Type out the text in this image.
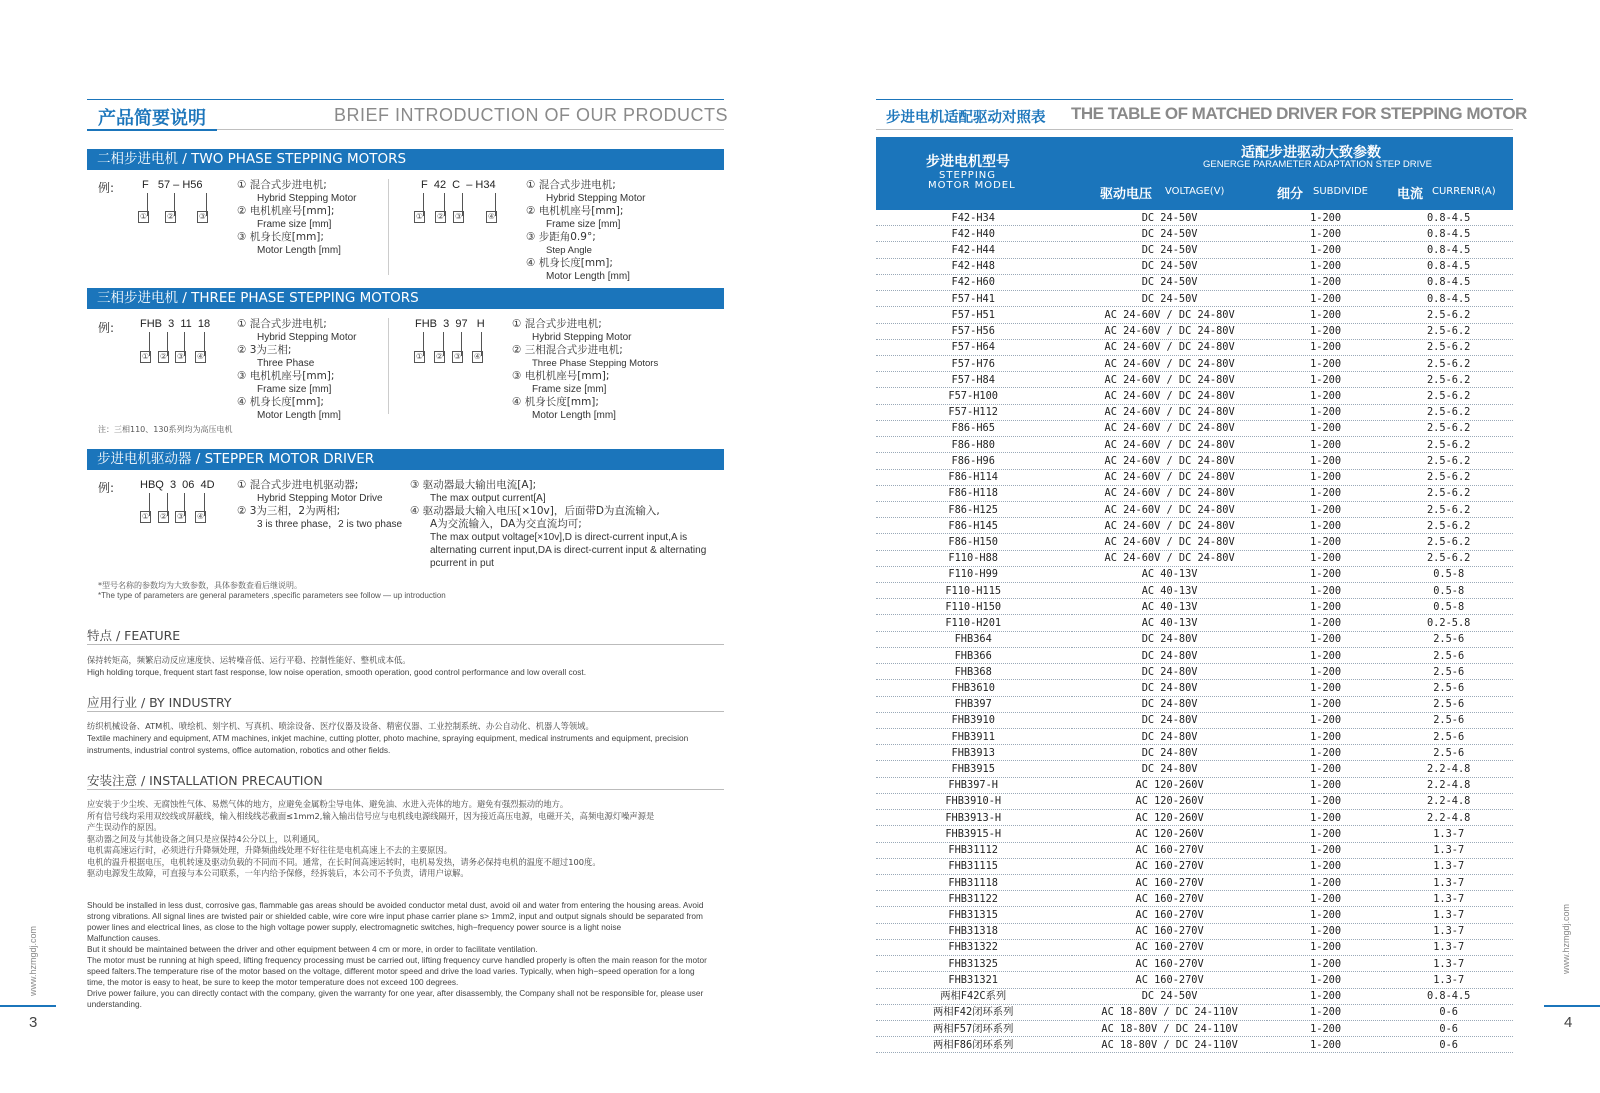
产品简要说明	BRIEF INTRODUCTION OF OUR PRODUCTS
二相步进电机 / TWO PHASE STEPPING MOTORS
例:	F   57 – H56
① ②	③
① 混合式步进电机;
Hybrid Stepping Motor
② 电机机座号[mm];
Frame size [mm]
③ 机身长度[mm];
Motor Length [mm]
F  42  C  – H34
① ② ③	④
① 混合式步进电机;
Hybrid Stepping Motor
② 电机机座号[mm];
Frame size [mm]
③ 步距角0.9°;
Step Angle
④ 机身长度[mm];
Motor Length [mm]
三相步进电机 / THREE PHASE STEPPING MOTORS
例: FHB  3  11  18
① ② ③ ④
① 混合式步进电机;
Hybrid Stepping Motor
② 3为三相;
Three Phase
③ 电机机座号[mm];
Frame size [mm]
④ 机身长度[mm];
Motor Length [mm]
FHB  3  97   H
① ② ③ ④
① 混合式步进电机;
Hybrid Stepping Motor
② 三相混合式步进电机;
Three Phase Stepping Motors
③ 电机机座号[mm];
Frame size [mm]
④ 机身长度[mm];
Motor Length [mm]
注：三相110、130系列均为高压电机
步进电机驱动器 / STEPPER MOTOR DRIVER
例: HBQ  3  06  4D
① ② ③ ④
① 混合式步进电机驱动器;
Hybrid Stepping Motor Drive
② 3为三相，2为两相;
3 is three phase，2 is two phase
③ 驱动器最大输出电流[A];
The max output current[A]
④ 驱动器最大输入电压[×10v]，后面带D为直流输入,
A为交流输入，DA为交直流均可;
The max output voltage[×10v],D is direct-current input,A is
alternating current input,DA is direct-current input & alternating
pcurrent in put
*型号名称的参数均为大致参数，具体参数查看后继说明。
*The type of parameters are general parameters ,specific parameters see follow — up introduction
特点 / FEATURE
保持转矩高，频繁启动反应速度快、运转噪音低、运行平稳、控制性能好、整机成本低。
High holding torque, frequent start fast response, low noise operation, smooth operation, good control performance and low overall cost.
应用行业 / BY INDUSTRY
纺织机械设备、ATM机、喷绘机、刻字机、写真机、喷涂设备、医疗仪器及设备、精密仪器、工业控制系统、办公自动化、机器人等领域。
Textile machinery and equipment, ATM machines, inkjet machine, cutting plotter, photo machine, spraying equipment, medical instruments and equipment, precision instruments, industrial control systems, office automation, robotics and other fields.
安装注意 / INSTALLATION PRECAUTION
应安装于少尘埃、无腐蚀性气体、易燃气体的地方，应避免金属粉尘导电体、避免油、水进入壳体的地方。避免有强烈振动的地方。
所有信号线均采用双绞线或屏蔽线，输入相线线芯截面≤1mm2,输入输出信号应与电机线电源线隔开，因为接近高压电源，电磁开关，高频电源灯噪声源是
产生误动作的原因。
驱动器之间及与其他设备之间只是应保持4公分以上，以利通风。
电机需高速运行时，必须进行升降频处理，升降频曲线处理不好往往是电机高速上不去的主要原因。
电机的温升根据电压，电机转速及驱动负载的不同而不同。通常，在长时间高速运转时，电机易发热，请务必保持电机的温度不超过100度。
驱动电源发生故障，可直接与本公司联系，一年内给予保修，经拆装后，本公司不予负责，请用户谅解。
Should be installed in less dust, corrosive gas, flammable gas areas should be avoided conductor metal dust, avoid oil and water from entering the housing areas. Avoid
strong vibrations. All signal lines are twisted pair or shielded cable, wire core wire input phase carrier plane s> 1mm2, input and output signals should be separated from
power lines and electrical lines, as close to the high voltage power supply, electromagnetic switches, high−frequency power source is a light noise
Malfunction causes.
But it should be maintained between the driver and other equipment between 4 cm or more, in order to facilitate ventilation.
The motor must be running at high speed, lifting frequency processing must be carried out, lifting frequency curve handled properly is often the main reason for the motor
speed falters.The temperature rise of the motor based on the voltage, different motor speed and drive the load varies. Typically, when high−speed operation for a long
time, the motor is easy to heat, be sure to keep the motor temperature does not exceed 100 degrees.
Drive power failure, you can directly contact with the company, given the warranty for one year, after disassembly, the Company shall not be responsible for, please user
understanding.
www.hzmgdj.com
3
步进电机适配驱动对照表 THE TABLE OF MATCHED DRIVER FOR STEPPING MOTOR
步进电机型号
STEPPING
MOTOR MODEL
适配步进驱动大致参数
GENERGE PARAMETER ADAPTATION STEP DRIVE
驱动电压 VOLTAGE(V)	细分 SUBDIVIDE 电流 CURRENR(A)
F42-H34	DC 24-50V	1-200	0.8-4.5
F42-H40	DC 24-50V	1-200	0.8-4.5
F42-H44	DC 24-50V	1-200	0.8-4.5
F42-H48	DC 24-50V	1-200	0.8-4.5
F42-H60	DC 24-50V	1-200	0.8-4.5
F57-H41	DC 24-50V	1-200	0.8-4.5
F57-H51	AC 24-60V / DC 24-80V	1-200	2.5-6.2
F57-H56	AC 24-60V / DC 24-80V	1-200	2.5-6.2
F57-H64	AC 24-60V / DC 24-80V	1-200	2.5-6.2
F57-H76	AC 24-60V / DC 24-80V	1-200	2.5-6.2
F57-H84	AC 24-60V / DC 24-80V	1-200	2.5-6.2
F57-H100	AC 24-60V / DC 24-80V	1-200	2.5-6.2
F57-H112	AC 24-60V / DC 24-80V	1-200	2.5-6.2
F86-H65	AC 24-60V / DC 24-80V	1-200	2.5-6.2
F86-H80	AC 24-60V / DC 24-80V	1-200	2.5-6.2
F86-H96	AC 24-60V / DC 24-80V	1-200	2.5-6.2
F86-H114	AC 24-60V / DC 24-80V	1-200	2.5-6.2
F86-H118	AC 24-60V / DC 24-80V	1-200	2.5-6.2
F86-H125	AC 24-60V / DC 24-80V	1-200	2.5-6.2
F86-H145	AC 24-60V / DC 24-80V	1-200	2.5-6.2
F86-H150	AC 24-60V / DC 24-80V	1-200	2.5-6.2
F110-H88	AC 24-60V / DC 24-80V	1-200	2.5-6.2
F110-H99	AC 40-13V	1-200	0.5-8
F110-H115	AC 40-13V	1-200	0.5-8
F110-H150	AC 40-13V	1-200	0.5-8
F110-H201	AC 40-13V	1-200	0.2-5.8
FHB364	DC 24-80V	1-200	2.5-6
FHB366	DC 24-80V	1-200	2.5-6
FHB368	DC 24-80V	1-200	2.5-6
FHB3610	DC 24-80V	1-200	2.5-6
FHB397	DC 24-80V	1-200	2.5-6
FHB3910	DC 24-80V	1-200	2.5-6
FHB3911	DC 24-80V	1-200	2.5-6
FHB3913	DC 24-80V	1-200	2.5-6
FHB3915	DC 24-80V	1-200	2.2-4.8
FHB397-H	AC 120-260V	1-200	2.2-4.8
FHB3910-H	AC 120-260V	1-200	2.2-4.8
FHB3913-H	AC 120-260V	1-200	2.2-4.8
FHB3915-H	AC 120-260V	1-200	1.3-7
FHB31112	AC 160-270V	1-200	1.3-7
FHB31115	AC 160-270V	1-200	1.3-7
FHB31118	AC 160-270V	1-200	1.3-7
FHB31122	AC 160-270V	1-200	1.3-7
FHB31315	AC 160-270V	1-200	1.3-7
FHB31318	AC 160-270V	1-200	1.3-7
FHB31322	AC 160-270V	1-200	1.3-7
FHB31325	AC 160-270V	1-200	1.3-7
FHB31321	AC 160-270V	1-200	1.3-7
两相F42C系列	DC 24-50V	1-200	0.8-4.5
两相F42闭环系列	AC 18-80V / DC 24-110V	1-200	0-6
两相F57闭环系列	AC 18-80V / DC 24-110V	1-200	0-6
两相F86闭环系列	AC 18-80V / DC 24-110V	1-200	0-6
www.hzmgdj.com
4
